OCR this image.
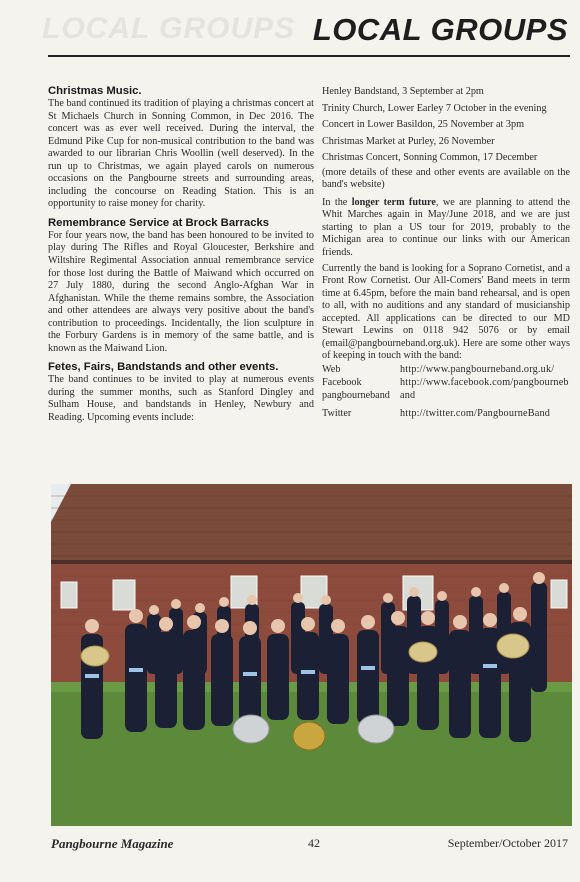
LOCAL GROUPS LOCAL GROUPS
Christmas Music.

The band continued its tradition of playing a christmas concert at St Michaels Church in Sonning Common, in Dec 2016. The concert was as ever well received. During the interval, the Edmund Pike Cup for non-musical contribution to the band was awarded to our librarian Chris Woollin (well deserved). In the run up to Christmas, we again played carols on numerous occasions on the Pangbourne streets and surrounding areas, including the concourse on Reading Station. This is an opportunity to raise money for charity.

Remembrance Service at Brock Barracks

For four years now, the band has been honoured to be invited to play during The Rifles and Royal Gloucester, Berkshire and Wiltshire Regimental Association annual remembrance service for those lost during the Battle of Maiwand which occurred on 27 July 1880, during the second Anglo-Afghan War in Afghanistan. While the theme remains sombre, the Association and other attendees are always very positive about the band's contribution to proceedings. Incidentally, the lion sculpture in the Forbury Gardens is in memory of the same battle, and is known as the Maiwand Lion.

Fetes, Fairs, Bandstands and other events.

The band continues to be invited to play at numerous events during the summer months, such as Stanford Dingley and Sulham House, and bandstands in Henley, Newbury and Reading. Upcoming events include:

Henley Bandstand, 3 September at 2pm
Trinity Church, Lower Earley 7 October in the evening
Concert in Lower Basildon, 25 November at 3pm
Christmas Market at Purley, 26 November
Christmas Concert, Sonning Common, 17 December

(more details of these and other events are available on the band's website)

In the longer term future, we are planning to attend the Whit Marches again in May/June 2018, and we are just starting to plan a US tour for 2019, probably to the Michigan area to continue our links with our American friends.

Currently the band is looking for a Soprano Cornetist, and a Front Row Cornetist. Our All-Comers' Band meets in term time at 6.45pm, before the main band rehearsal, and is open to all, with no auditions and any standard of musicianship accepted. All applications can be directed to our MD Stewart Lewins on 0118 942 5076 or by email (email@pangbourneband.org.uk). Here are some other ways of keeping in touch with the band:

Web	http://www.pangbourneband.org.uk/
Facebook
pangbourneband
http://www.facebook.com/pangbourneband
Twitter	http://twitter.com/PangbourneBand
Pangbourne Magazine	42	September/October 2017
